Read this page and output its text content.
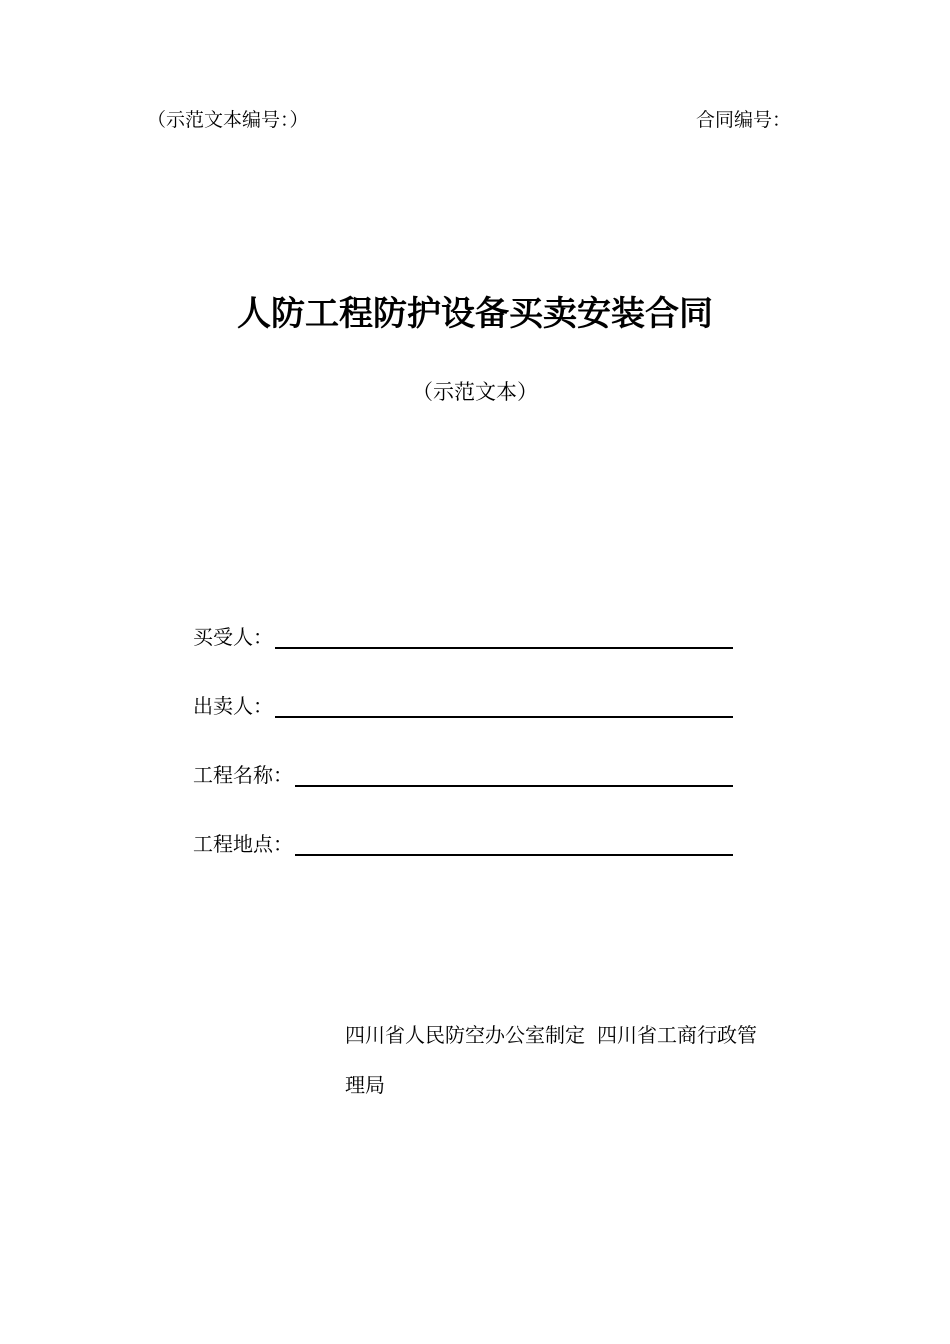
（示范文本编号：）	合同编号：
人防工程防护设备买卖安装合同
（示范文本）
买受人：
出卖人：
工程名称：
工程地点：
四川省人民防空办公室制定 四川省工商行政管
理局
